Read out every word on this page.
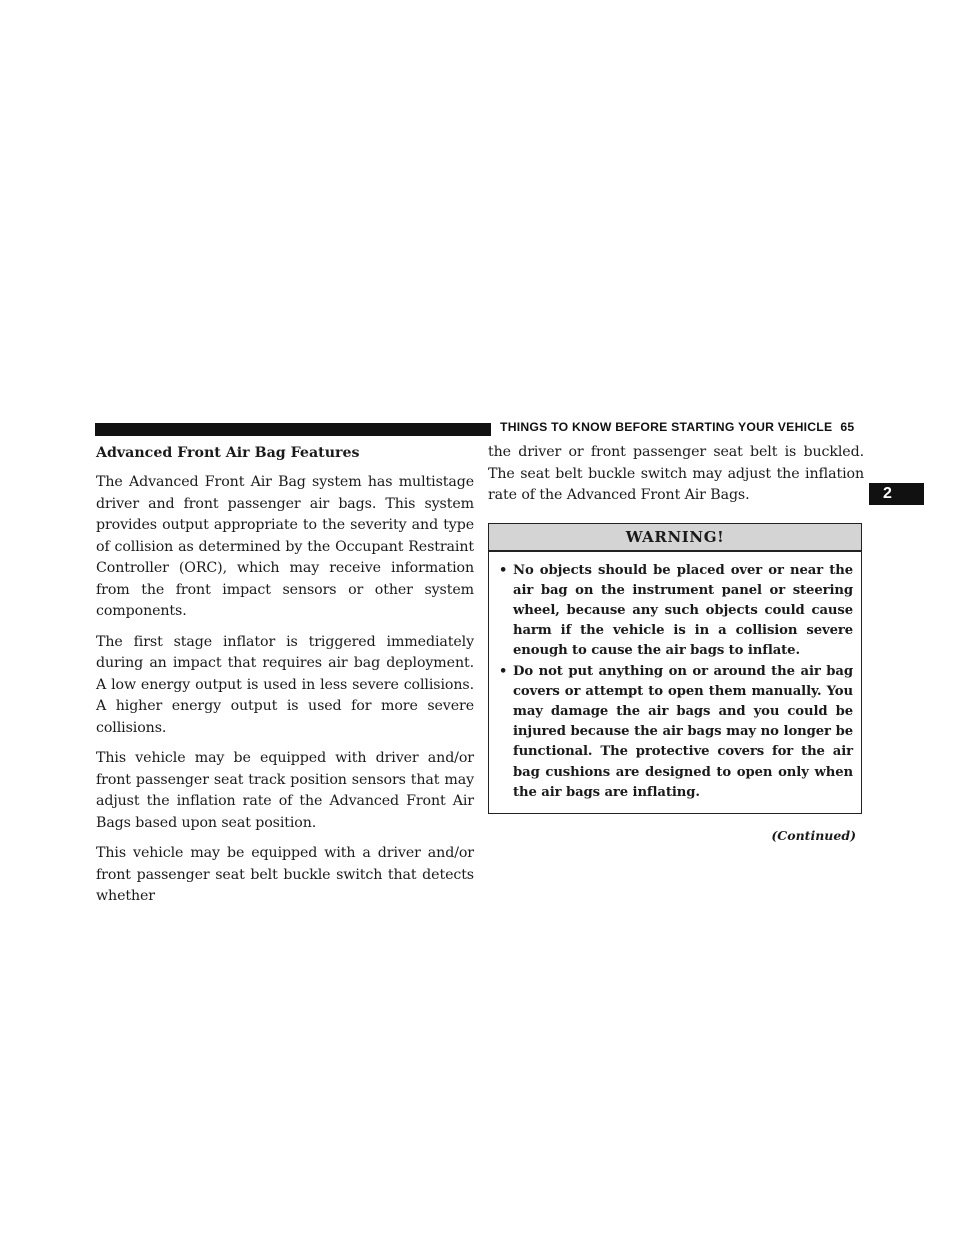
THINGS TO KNOW BEFORE STARTING YOUR VEHICLE 65
2
Advanced Front Air Bag Features

The Advanced Front Air Bag system has multistage driver and front passenger air bags. This system provides output appropriate to the severity and type of collision as determined by the Occupant Restraint Controller (ORC), which may receive information from the front impact sensors or other system components.

The first stage inflator is triggered immediately during an impact that requires air bag deployment. A low energy output is used in less severe collisions. A higher energy output is used for more severe collisions.

This vehicle may be equipped with driver and/or front passenger seat track position sensors that may adjust the inflation rate of the Advanced Front Air Bags based upon seat position.

This vehicle may be equipped with a driver and/or front passenger seat belt buckle switch that detects whether

the driver or front passenger seat belt is buckled. The seat belt buckle switch may adjust the inflation rate of the Advanced Front Air Bags.

WARNING!
• No objects should be placed over or near the air bag on the instrument panel or steering wheel, because any such objects could cause harm if the vehicle is in a collision severe enough to cause the air bags to inflate.
• Do not put anything on or around the air bag covers or attempt to open them manually. You may damage the air bags and you could be injured because the air bags may no longer be functional. The protective covers for the air bag cushions are designed to open only when the air bags are inflating.
(Continued)
